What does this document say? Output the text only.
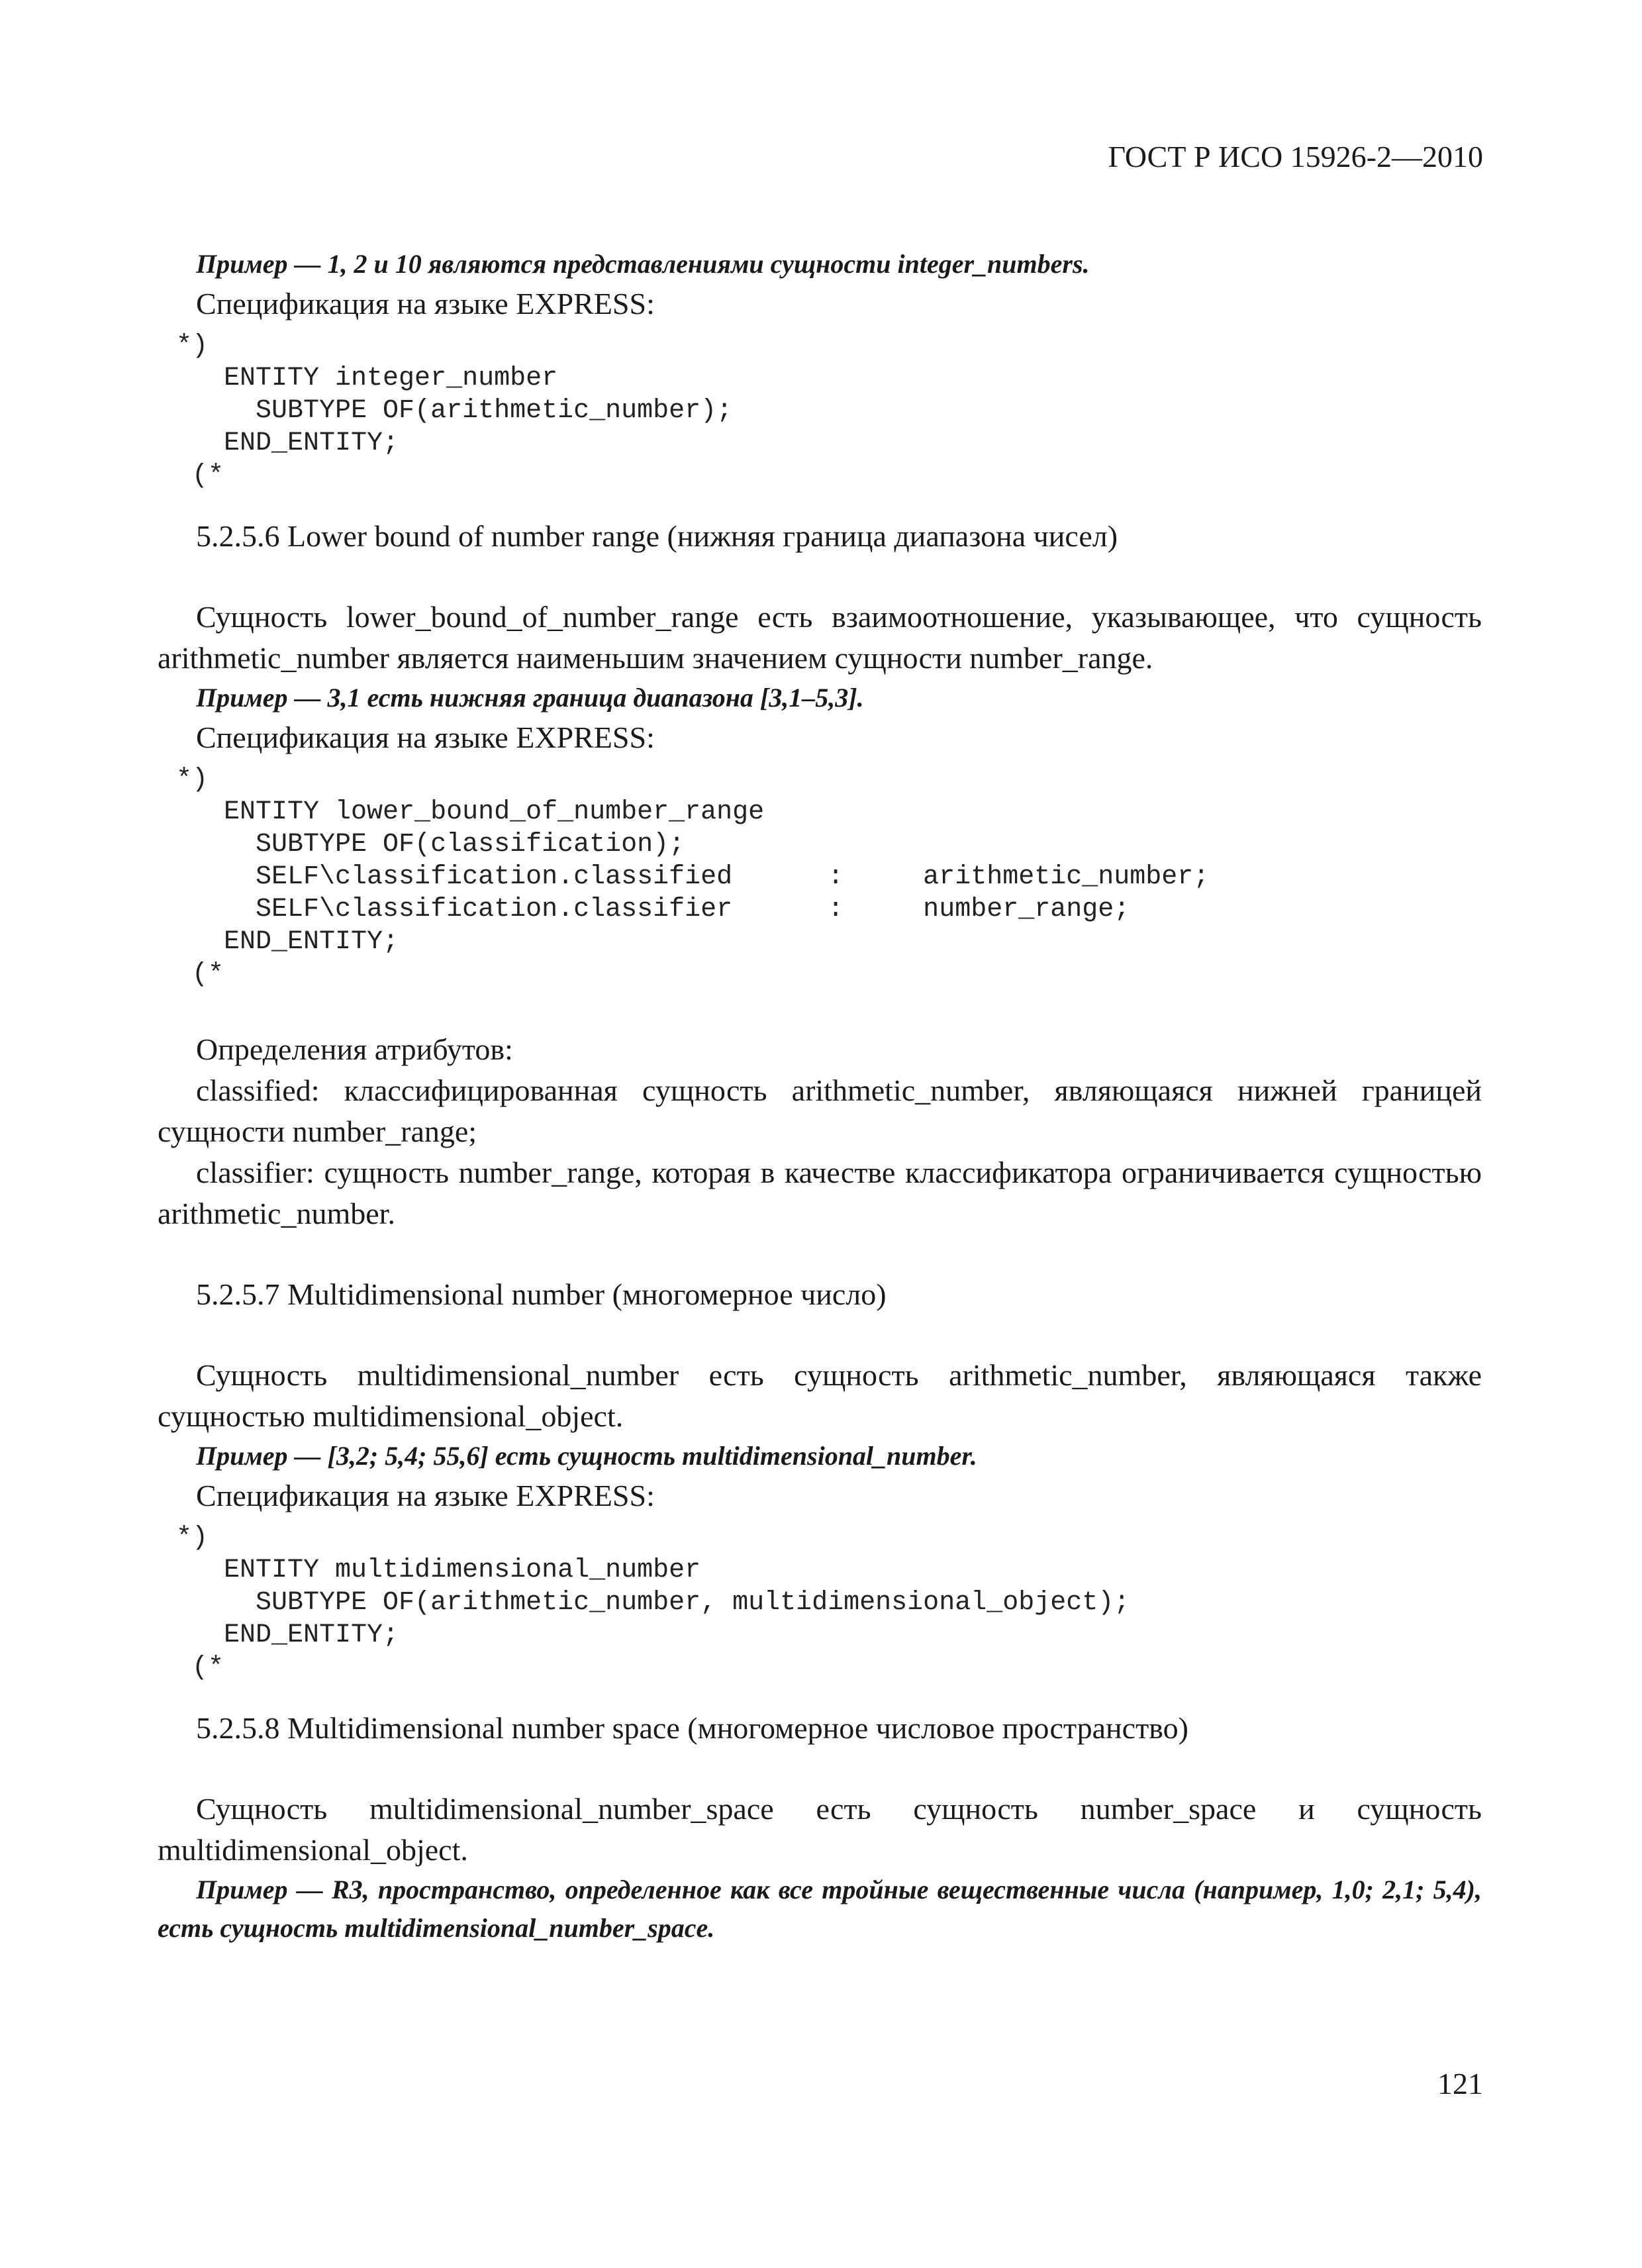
ГОСТ Р ИСО 15926-2—2010

Пример — 1, 2 и 10 являются представлениями сущности integer_numbers.

Спецификация на языке EXPRESS:

*)
ENTITY integer_number
SUBTYPE OF(arithmetic_number);
END_ENTITY;
(*

5.2.5.6 Lower bound of number range (нижняя граница диапазона чисел)

Сущность lower_bound_of_number_range есть взаимоотношение, указывающее, что сущность arithmetic_number является наименьшим значением сущности number_range.

Пример — 3,1 есть нижняя граница диапазона [3,1–5,3].

Спецификация на языке EXPRESS:

*)
ENTITY lower_bound_of_number_range
SUBTYPE OF(classification);
SELF\classification.classified      :     arithmetic_number;
SELF\classification.classifier      :     number_range;
END_ENTITY;
(*

Определения атрибутов:

classified: классифицированная сущность arithmetic_number, являющаяся нижней границей сущности number_range;

classifier: сущность number_range, которая в качестве классификатора ограничивается сущностью arithmetic_number.

5.2.5.7 Multidimensional number (многомерное число)

Сущность multidimensional_number есть сущность arithmetic_number, являющаяся также сущностью multidimensional_object.

Пример — [3,2; 5,4; 55,6] есть сущность multidimensional_number.

Спецификация на языке EXPRESS:

*)
ENTITY multidimensional_number
SUBTYPE OF(arithmetic_number, multidimensional_object);
END_ENTITY;
(*

5.2.5.8 Multidimensional number space (многомерное числовое пространство)

Сущность multidimensional_number_space есть сущность number_space и сущность multidimensional_object.

Пример — R3, пространство, определенное как все тройные вещественные числа (например, 1,0; 2,1; 5,4), есть сущность multidimensional_number_space.

121
